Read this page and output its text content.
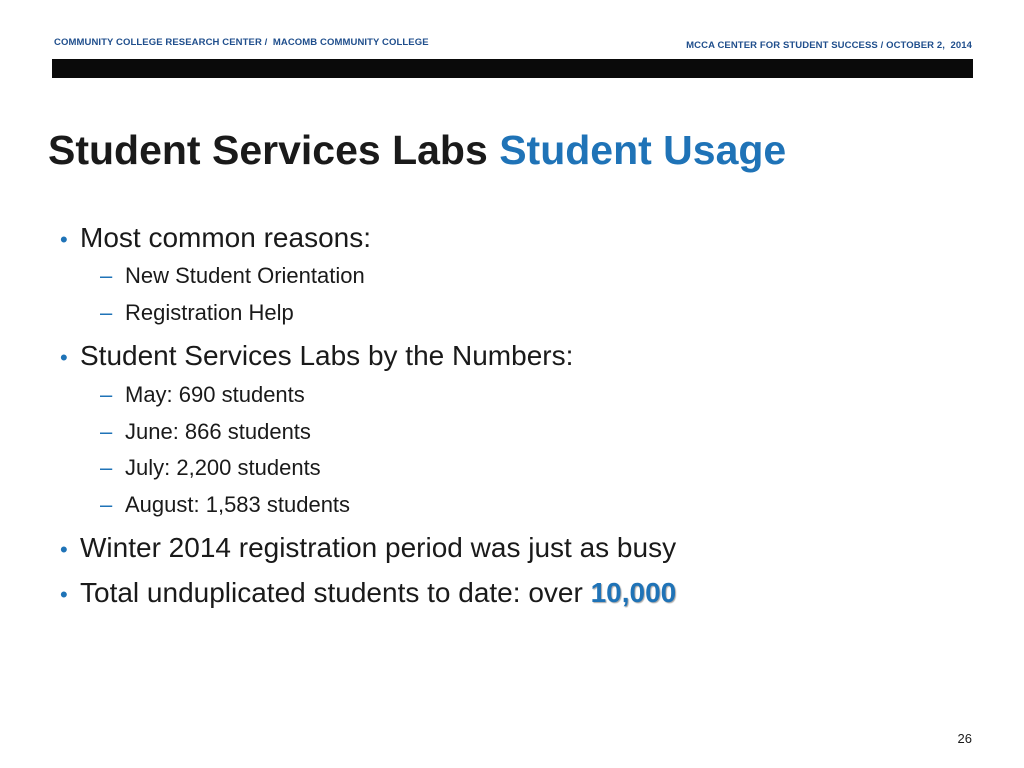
COMMUNITY COLLEGE RESEARCH CENTER /  MACOMB COMMUNITY COLLEGE	MCCA CENTER FOR STUDENT SUCCESS / OCTOBER 2,  2014
Student Services Labs Student Usage
• Most common reasons:
– New Student Orientation
– Registration Help
• Student Services Labs by the Numbers:
– May: 690 students
– June: 866 students
– July: 2,200 students
– August: 1,583 students
• Winter 2014 registration period was just as busy
• Total unduplicated students to date: over 10,000
26
